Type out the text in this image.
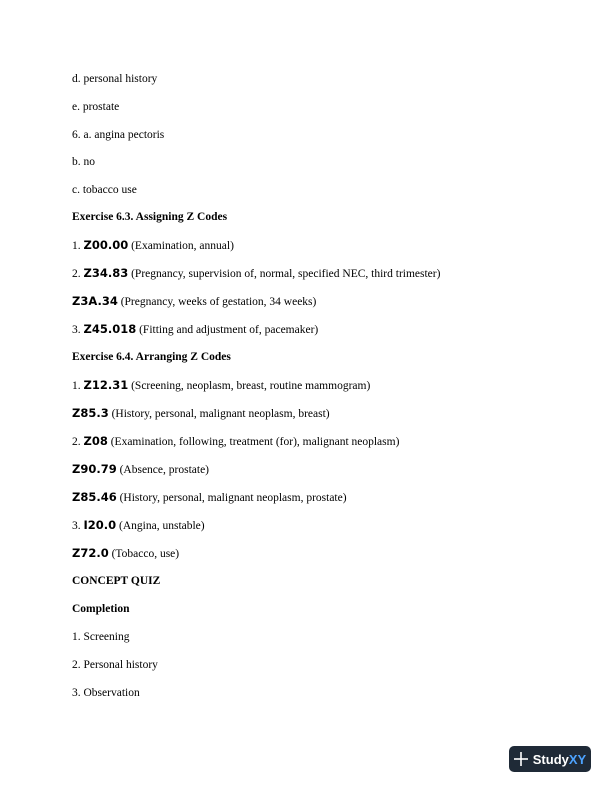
d. personal history

e. prostate

6. a. angina pectoris

b. no

c. tobacco use

Exercise 6.3. Assigning Z Codes

1. Z00.00 (Examination, annual)

2. Z34.83 (Pregnancy, supervision of, normal, specified NEC, third trimester)

Z3A.34 (Pregnancy, weeks of gestation, 34 weeks)

3. Z45.018 (Fitting and adjustment of, pacemaker)

Exercise 6.4. Arranging Z Codes

1. Z12.31 (Screening, neoplasm, breast, routine mammogram)

Z85.3 (History, personal, malignant neoplasm, breast)

2. Z08 (Examination, following, treatment (for), malignant neoplasm)

Z90.79 (Absence, prostate)

Z85.46 (History, personal, malignant neoplasm, prostate)

3. I20.0 (Angina, unstable)

Z72.0 (Tobacco, use)

CONCEPT QUIZ

Completion

1. Screening

2. Personal history

3. Observation

Study XY
